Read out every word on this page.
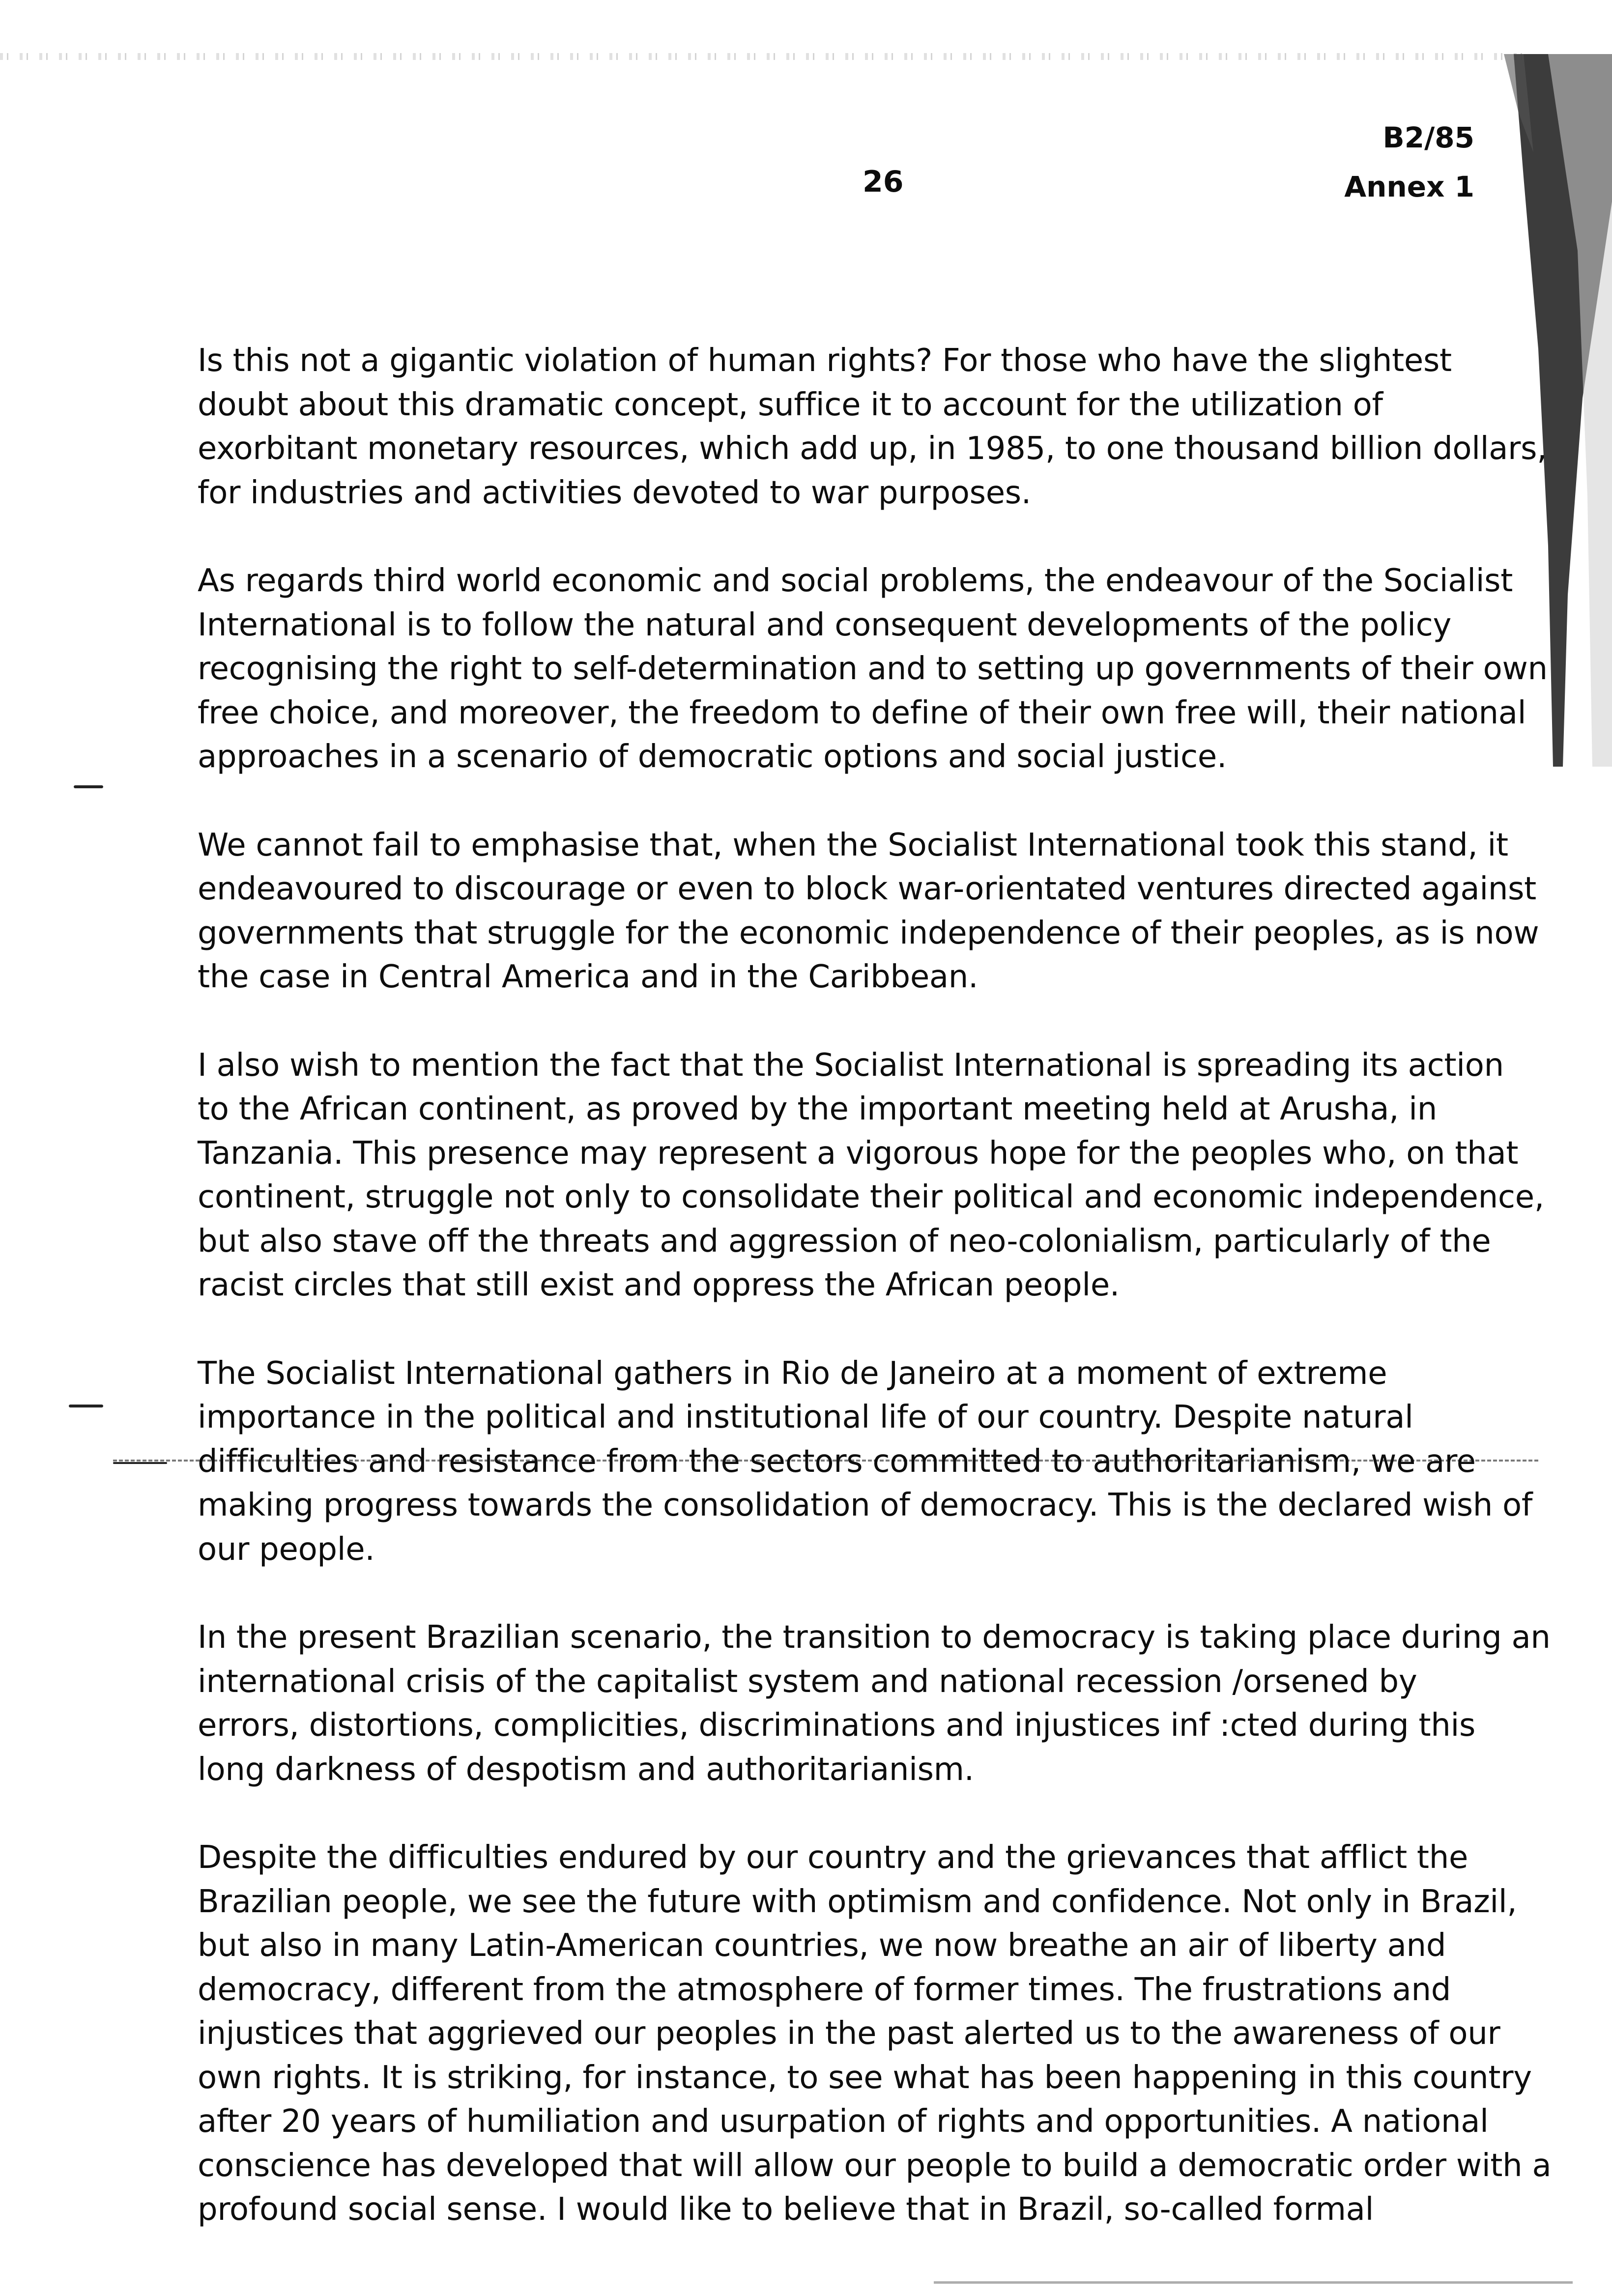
B2/85
Annex 1
26

Is this not a gigantic violation of human rights? For those who have the slightest
doubt about this dramatic concept, suffice it to account for the utilization of
exorbitant monetary resources, which add up, in 1985, to one thousand billion dollars,
for industries and activities devoted to war purposes.

As regards third world economic and social problems, the endeavour of the Socialist
International is to follow the natural and consequent developments of the policy
recognising the right to self-determination and to setting up governments of their own
free choice, and moreover, the freedom to define of their own free will, their national
approaches in a scenario of democratic options and social justice.

We cannot fail to emphasise that, when the Socialist International took this stand, it
endeavoured to discourage or even to block war-orientated ventures directed against
governments that struggle for the economic independence of their peoples, as is now
the case in Central America and in the Caribbean.

I also wish to mention the fact that the Socialist International is spreading its action
to the African continent, as proved by the important meeting held at Arusha, in
Tanzania. This presence may represent a vigorous hope for the peoples who, on that
continent, struggle not only to consolidate their political and economic independence,
but also stave off the threats and aggression of neo-colonialism, particularly of the
racist circles that still exist and oppress the African people.

The Socialist International gathers in Rio de Janeiro at a moment of extreme
importance in the political and institutional life of our country. Despite natural
difficulties and resistance from the sectors committed to authoritarianism, we are
making progress towards the consolidation of democracy. This is the declared wish of
our people.

In the present Brazilian scenario, the transition to democracy is taking place during an
international crisis of the capitalist system and national recession /orsened by
errors, distortions, complicities, discriminations and injustices inf :cted during this
long darkness of despotism and authoritarianism.

Despite the difficulties endured by our country and the grievances that afflict the
Brazilian people, we see the future with optimism and confidence. Not only in Brazil,
but also in many Latin-American countries, we now breathe an air of liberty and
democracy, different from the atmosphere of former times. The frustrations and
injustices that aggrieved our peoples in the past alerted us to the awareness of our
own rights. It is striking, for instance, to see what has been happening in this country
after 20 years of humiliation and usurpation of rights and opportunities. A national
conscience has developed that will allow our people to build a democratic order with a
profound social sense. I would like to believe that in Brazil, so-called formal
